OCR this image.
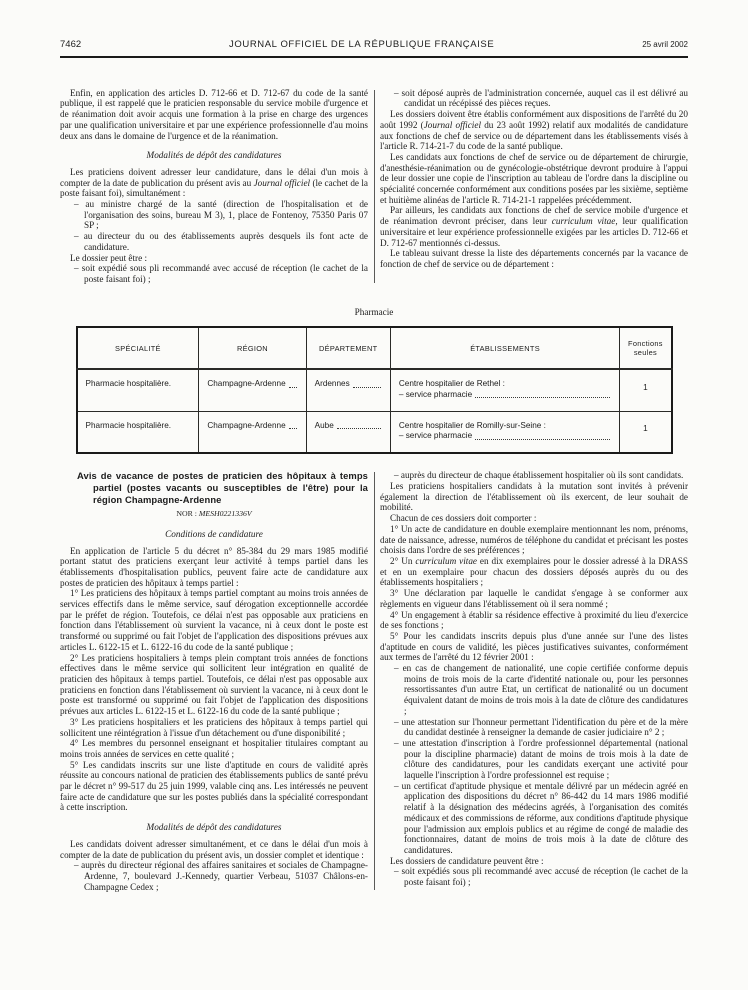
7462	JOURNAL OFFICIEL DE LA RÉPUBLIQUE FRANÇAISE	25 avril 2002
Enfin, en application des articles D. 712-66 et D. 712-67 du code de la santé publique, il est rappelé que le praticien responsable du service mobile d'urgence et de réanimation doit avoir acquis une formation à la prise en charge des urgences par une qualification universitaire et par une expérience professionnelle d'au moins deux ans dans le domaine de l'urgence et de la réanimation.
Modalités de dépôt des candidatures
Les praticiens doivent adresser leur candidature, dans le délai d'un mois à compter de la date de publication du présent avis au Journal officiel (le cachet de la poste faisant foi), simultanément :
– au ministre chargé de la santé (direction de l'hospitalisation et de l'organisation des soins, bureau M 3), 1, place de Fontenoy, 75350 Paris 07 SP ;
– au directeur du ou des établissements auprès desquels ils font acte de candidature.
Le dossier peut être :
– soit expédié sous pli recommandé avec accusé de réception (le cachet de la poste faisant foi) ;
– soit déposé auprès de l'administration concernée, auquel cas il est délivré au candidat un récépissé des pièces reçues.
Les dossiers doivent être établis conformément aux dispositions de l'arrêté du 20 août 1992 (Journal officiel du 23 août 1992) relatif aux modalités de candidature aux fonctions de chef de service ou de département dans les établissements visés à l'article R. 714-21-7 du code de la santé publique.
Les candidats aux fonctions de chef de service ou de département de chirurgie, d'anesthésie-réanimation ou de gynécologie-obstétrique devront produire à l'appui de leur dossier une copie de l'inscription au tableau de l'ordre dans la discipline ou spécialité concernée conformément aux conditions posées par les sixième, septième et huitième alinéas de l'article R. 714-21-1 rappelées précédemment.
Par ailleurs, les candidats aux fonctions de chef de service mobile d'urgence et de réanimation devront préciser, dans leur curriculum vitae, leur qualification universitaire et leur expérience professionnelle exigées par les articles D. 712-66 et D. 712-67 mentionnés ci-dessus.
Le tableau suivant dresse la liste des départements concernés par la vacance de fonction de chef de service ou de département :
Pharmacie
SPÉCIALITÉ	RÉGION	DÉPARTEMENT	ÉTABLISSEMENTS	Fonctions seules
Pharmacie hospitalière.	Champagne-Ardenne	Ardennes	Centre hospitalier de Rethel :
– service pharmacie	1
Pharmacie hospitalière.	Champagne-Ardenne	Aube	Centre hospitalier de Romilly-sur-Seine :
– service pharmacie	1
Avis de vacance de postes de praticien des hôpitaux à temps partiel (postes vacants ou susceptibles de l'être) pour la région Champagne-Ardenne
NOR : MESH0221336V
Conditions de candidature
En application de l'article 5 du décret n° 85-384 du 29 mars 1985 modifié portant statut des praticiens exerçant leur activité à temps partiel dans les établissements d'hospitalisation publics, peuvent faire acte de candidature aux postes de praticien des hôpitaux à temps partiel :
1° Les praticiens des hôpitaux à temps partiel comptant au moins trois années de services effectifs dans le même service, sauf dérogation exceptionnelle accordée par le préfet de région. Toutefois, ce délai n'est pas opposable aux praticiens en fonction dans l'établissement où survient la vacance, ni à ceux dont le poste est transformé ou supprimé ou fait l'objet de l'application des dispositions prévues aux articles L. 6122-15 et L. 6122-16 du code de la santé publique ;
2° Les praticiens hospitaliers à temps plein comptant trois années de fonctions effectives dans le même service qui sollicitent leur intégration en qualité de praticien des hôpitaux à temps partiel. Toutefois, ce délai n'est pas opposable aux praticiens en fonction dans l'établissement où survient la vacance, ni à ceux dont le poste est transformé ou supprimé ou fait l'objet de l'application des dispositions prévues aux articles L. 6122-15 et L. 6122-16 du code de la santé publique ;
3° Les praticiens hospitaliers et les praticiens des hôpitaux à temps partiel qui sollicitent une réintégration à l'issue d'un détachement ou d'une disponibilité ;
4° Les membres du personnel enseignant et hospitalier titulaires comptant au moins trois années de services en cette qualité ;
5° Les candidats inscrits sur une liste d'aptitude en cours de validité après réussite au concours national de praticien des établissements publics de santé prévu par le décret n° 99-517 du 25 juin 1999, valable cinq ans. Les intéressés ne peuvent faire acte de candidature que sur les postes publiés dans la spécialité correspondant à cette inscription.
Modalités de dépôt des candidatures
Les candidats doivent adresser simultanément, et ce dans le délai d'un mois à compter de la date de publication du présent avis, un dossier complet et identique :
– auprès du directeur régional des affaires sanitaires et sociales de Champagne-Ardenne, 7, boulevard J.-Kennedy, quartier Verbeau, 51037 Châlons-en-Champagne Cedex ;
– auprès du directeur de chaque établissement hospitalier où ils sont candidats.
Les praticiens hospitaliers candidats à la mutation sont invités à prévenir également la direction de l'établissement où ils exercent, de leur souhait de mobilité.
Chacun de ces dossiers doit comporter :
1° Un acte de candidature en double exemplaire mentionnant les nom, prénoms, date de naissance, adresse, numéros de téléphone du candidat et précisant les postes choisis dans l'ordre de ses préférences ;
2° Un curriculum vitae en dix exemplaires pour le dossier adressé à la DRASS et en un exemplaire pour chacun des dossiers déposés auprès du ou des établissements hospitaliers ;
3° Une déclaration par laquelle le candidat s'engage à se conformer aux règlements en vigueur dans l'établissement où il sera nommé ;
4° Un engagement à établir sa résidence effective à proximité du lieu d'exercice de ses fonctions ;
5° Pour les candidats inscrits depuis plus d'une année sur l'une des listes d'aptitude en cours de validité, les pièces justificatives suivantes, conformément aux termes de l'arrêté du 12 février 2001 :
– en cas de changement de nationalité, une copie certifiée conforme depuis moins de trois mois de la carte d'identité nationale ou, pour les personnes ressortissantes d'un autre Etat, un certificat de nationalité ou un document équivalent datant de moins de trois mois à la date de clôture des candidatures ;
– une attestation sur l'honneur permettant l'identification du père et de la mère du candidat destinée à renseigner la demande de casier judiciaire n° 2 ;
– une attestation d'inscription à l'ordre professionnel départemental (national pour la discipline pharmacie) datant de moins de trois mois à la date de clôture des candidatures, pour les candidats exerçant une activité pour laquelle l'inscription à l'ordre professionnel est requise ;
– un certificat d'aptitude physique et mentale délivré par un médecin agréé en application des dispositions du décret n° 86-442 du 14 mars 1986 modifié relatif à la désignation des médecins agréés, à l'organisation des comités médicaux et des commissions de réforme, aux conditions d'aptitude physique pour l'admission aux emplois publics et au régime de congé de maladie des fonctionnaires, datant de moins de trois mois à la date de clôture des candidatures.
Les dossiers de candidature peuvent être :
– soit expédiés sous pli recommandé avec accusé de réception (le cachet de la poste faisant foi) ;
